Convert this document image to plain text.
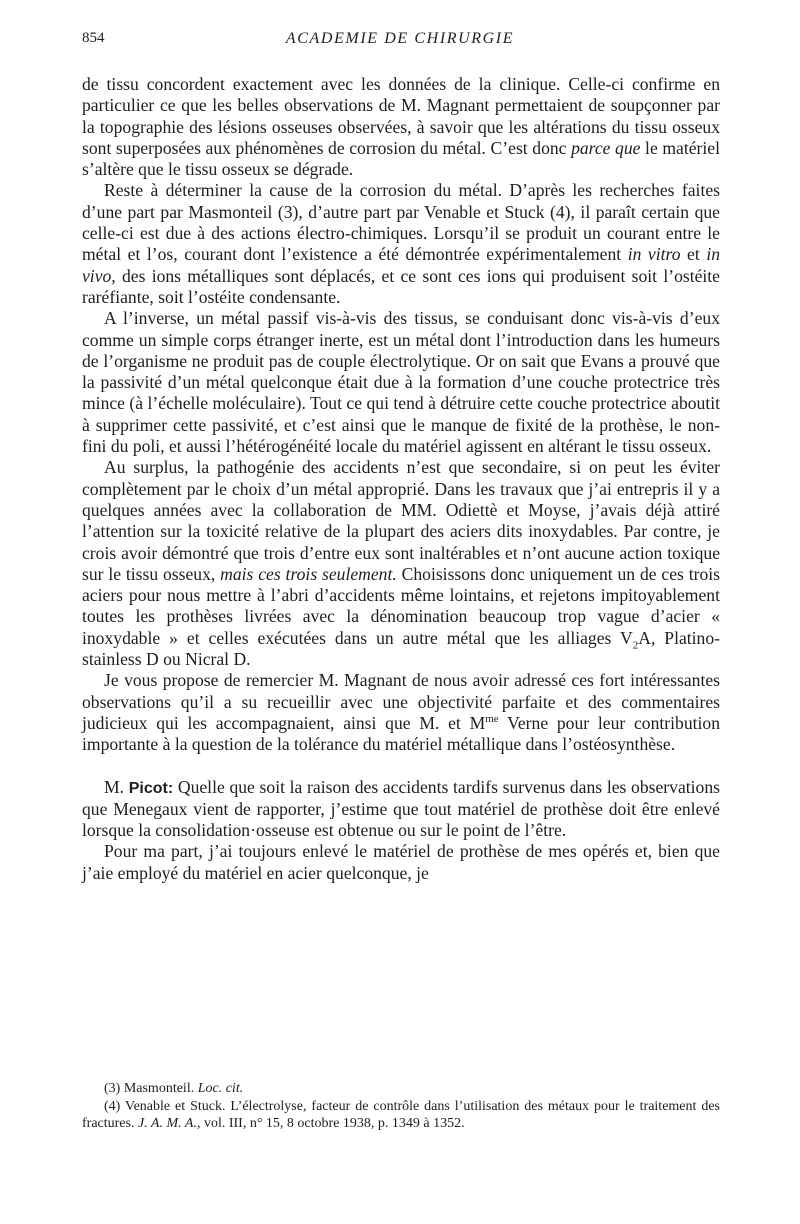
854	ACADEMIE DE CHIRURGIE

de tissu concordent exactement avec les données de la clinique. Celle-ci confirme en particulier ce que les belles observations de M. Magnant permettaient de soupçonner par la topographie des lésions osseuses observées, à savoir que les altérations du tissu osseux sont superposées aux phénomènes de corrosion du métal. C’est donc parce que le matériel s’altère que le tissu osseux se dégrade.

Reste à déterminer la cause de la corrosion du métal. D’après les recherches faites d’une part par Masmonteil (3), d’autre part par Venable et Stuck (4), il paraît certain que celle-ci est due à des actions électro-chimiques. Lorsqu’il se produit un courant entre le métal et l’os, courant dont l’existence a été démontrée expérimentalement in vitro et in vivo, des ions métalliques sont déplacés, et ce sont ces ions qui produisent soit l’ostéite raréfiante, soit l’ostéite condensante.

A l’inverse, un métal passif vis-à-vis des tissus, se conduisant donc vis-à-vis d’eux comme un simple corps étranger inerte, est un métal dont l’introduction dans les humeurs de l’organisme ne produit pas de couple électrolytique. Or on sait que Evans a prouvé que la passivité d’un métal quelconque était due à la formation d’une couche protectrice très mince (à l’échelle moléculaire). Tout ce qui tend à détruire cette couche protectrice aboutit à supprimer cette passivité, et c’est ainsi que le manque de fixité de la prothèse, le non-fini du poli, et aussi l’hétérogénéité locale du matériel agissent en altérant le tissu osseux.

Au surplus, la pathogénie des accidents n’est que secondaire, si on peut les éviter complètement par le choix d’un métal approprié. Dans les travaux que j’ai entrepris il y a quelques années avec la collaboration de MM. Odiettè et Moyse, j’avais déjà attiré l’attention sur la toxicité relative de la plupart des aciers dits inoxydables. Par contre, je crois avoir démontré que trois d’entre eux sont inaltérables et n’ont aucune action toxique sur le tissu osseux, mais ces trois seulement. Choisissons donc uniquement un de ces trois aciers pour nous mettre à l’abri d’accidents même lointains, et rejetons impitoyablement toutes les prothèses livrées avec la dénomination beaucoup trop vague d’acier « inoxydable » et celles exécutées dans un autre métal que les alliages $V_2A$, Platino-stainless D ou Nicral D.

Je vous propose de remercier M. Magnant de nous avoir adressé ces fort intéressantes observations qu’il a su recueillir avec une objectivité parfaite et des commentaires judicieux qui les accompagnaient, ainsi que M. et $M^{me}$ Verne pour leur contribution importante à la question de la tolérance du matériel métallique dans l’ostéosynthèse.

M. Picot: Quelle que soit la raison des accidents tardifs survenus dans les observations que Menegaux vient de rapporter, j’estime que tout matériel de prothèse doit être enlevé lorsque la consolidation·osseuse est obtenue ou sur le point de l’être.

Pour ma part, j’ai toujours enlevé le matériel de prothèse de mes opérés et, bien que j’aie employé du matériel en acier quelconque, je

(3) Masmonteil. Loc. cit.

(4) Venable et Stuck. L’électrolyse, facteur de contrôle dans l’utilisation des métaux pour le traitement des fractures. J. A. M. A., vol. III, n° 15, 8 octobre 1938, p. 1349 à 1352.
